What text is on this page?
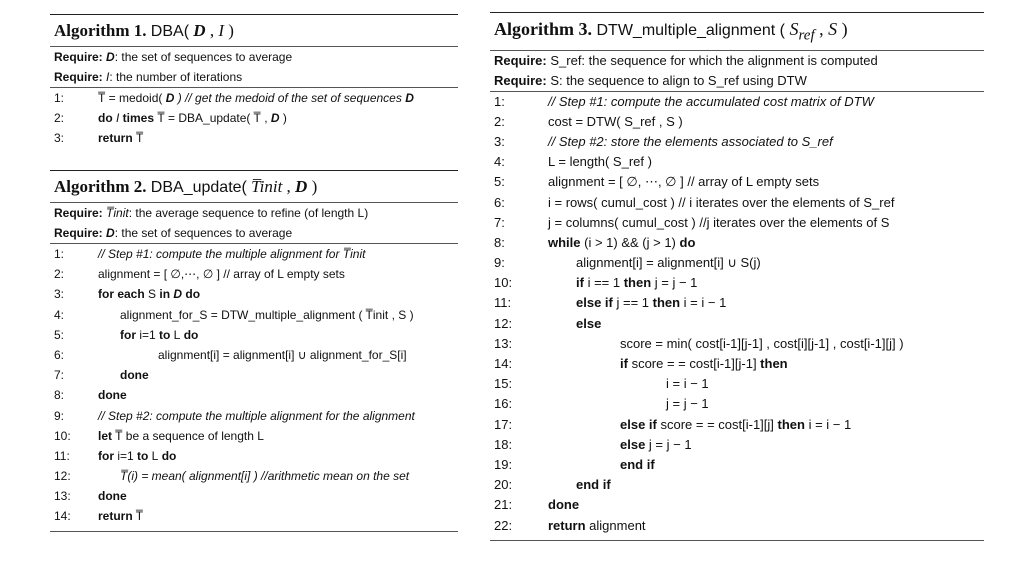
Algorithm 1. DBA( D , I )
Require: D: the set of sequences to average
Require: I: the number of iterations
1:	T̅ = medoid( D ) // get the medoid of the set of sequences D
2:	do I times T̅ = DBA_update( T̅ , D )
3:	return T̅
Algorithm 2. DBA_update( T̅init , D )
Require: T̅init: the average sequence to refine (of length L)
Require: D: the set of sequences to average
1:	// Step #1: compute the multiple alignment for T̅init
2:	alignment = [ ∅,⋯, ∅ ] // array of L empty sets
3:	for each S in D do
4:	alignment_for_S = DTW_multiple_alignment ( T̅init , S )
5:	for i=1 to L do
6:	alignment[i] = alignment[i] ∪ alignment_for_S[i]
7:	done
8:	done
9:	// Step #2: compute the multiple alignment for the alignment
10: let T̅ be a sequence of length L
11: for i=1 to L do
12:	T̅(i) = mean( alignment[i] ) //arithmetic mean on the set
13: done
14: return T̅
Algorithm 3. DTW_multiple_alignment ( $S_{ref}$ , S )
Require: S_ref: the sequence for which the alignment is computed
Require: S: the sequence to align to S_ref using DTW
1:	// Step #1: compute the accumulated cost matrix of DTW
2:	cost = DTW( S_ref , S )
3:	// Step #2: store the elements associated to S_ref
4:	L = length( S_ref )
5:	alignment = [ ∅, ⋯, ∅ ] // array of L empty sets
6:	i = rows( cumul_cost ) // i iterates over the elements of S_ref
7:	j = columns( cumul_cost ) //j iterates over the elements of S
8:	while (i > 1) && (j > 1) do
9:	alignment[i] = alignment[i] ∪ S(j)
10:	if i == 1 then j = j − 1
11:	else if j == 1 then i = i − 1
12:	else
13:	score = min( cost[i-1][j-1] , cost[i][j-1] , cost[i-1][j] )
14:	if score = = cost[i-1][j-1] then
15:	i = i − 1
16:	j = j − 1
17:	else if score = = cost[i-1][j] then i = i − 1
18:	else j = j − 1
19:	end if
20:	end if
21:	done
22:	return alignment
